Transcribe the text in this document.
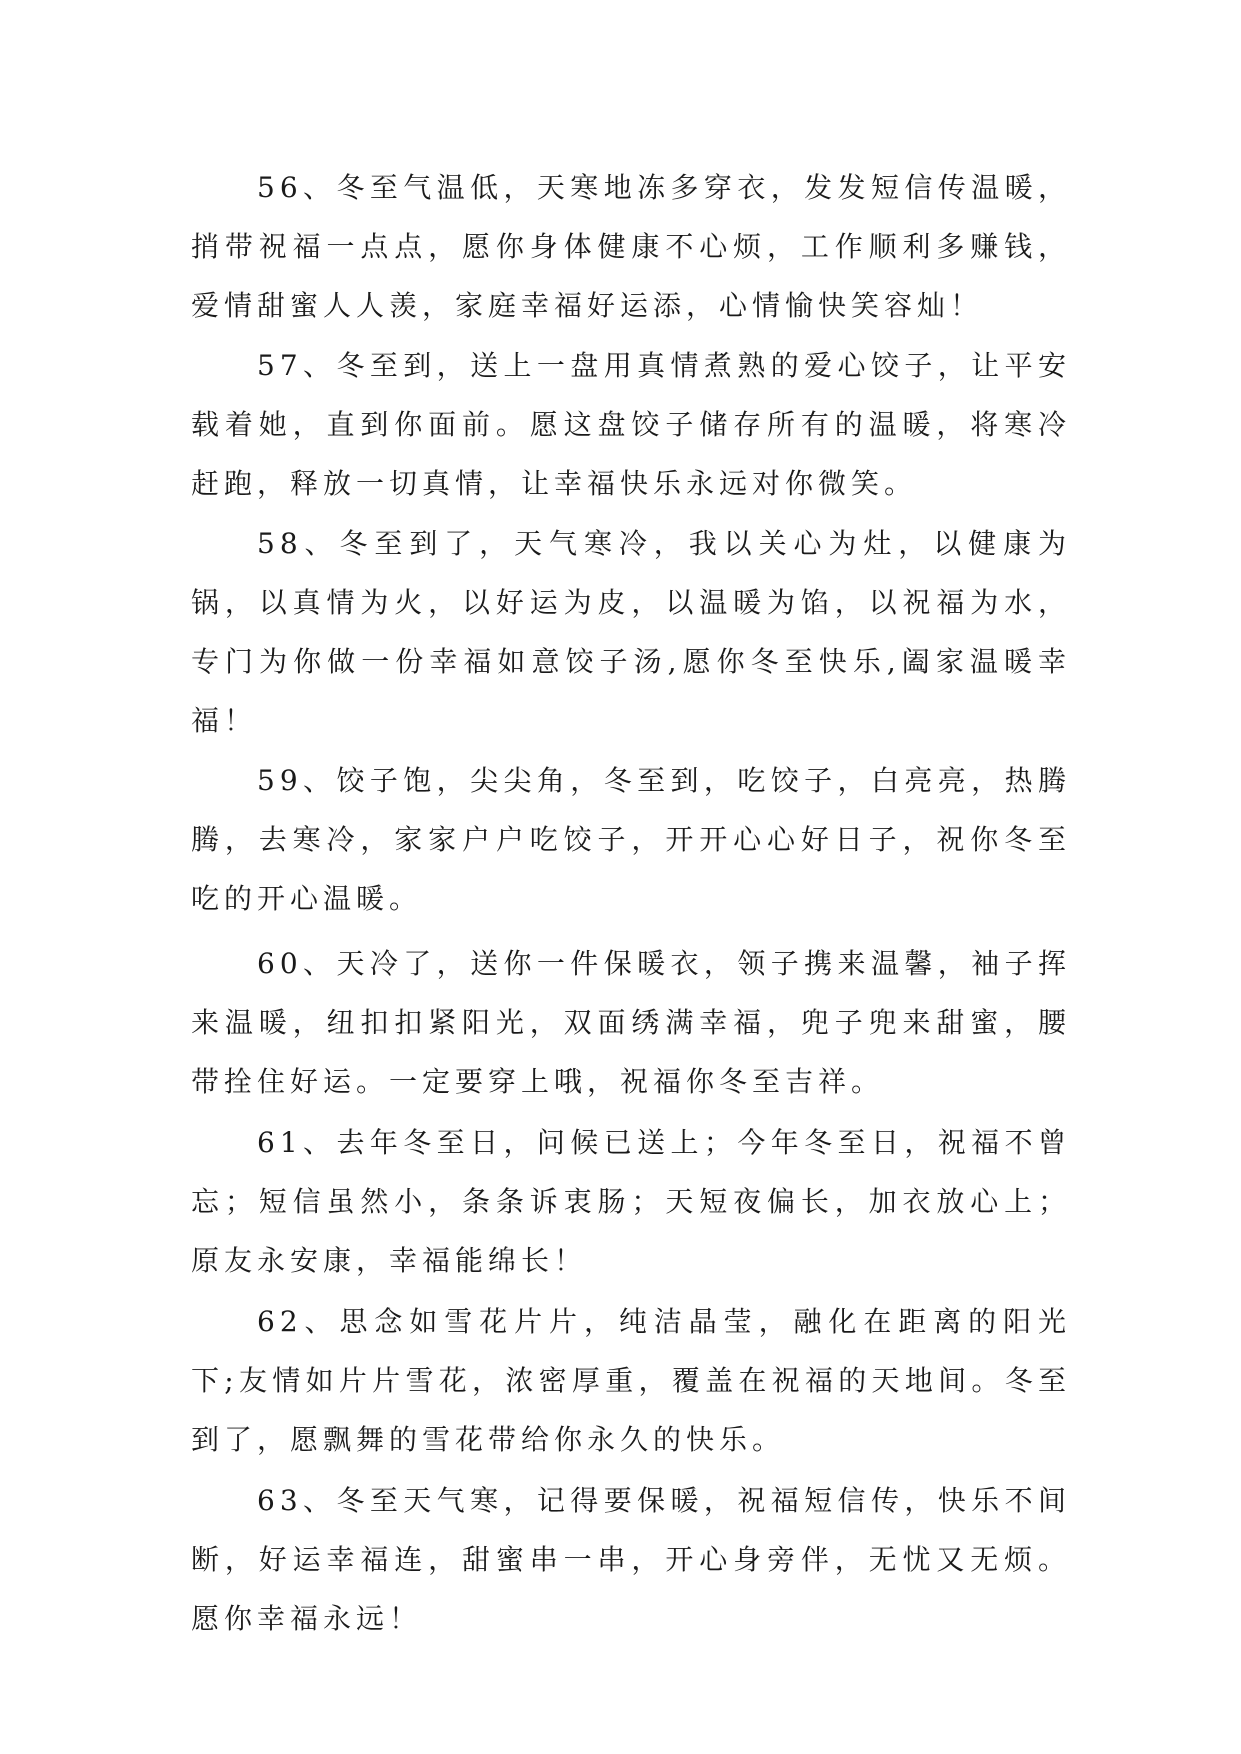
56、冬至气温低，天寒地冻多穿衣，发发短信传温暖，捎带祝福一点点，愿你身体健康不心烦，工作顺利多赚钱，爱情甜蜜人人羡，家庭幸福好运添，心情愉快笑容灿！

57、冬至到，送上一盘用真情煮熟的爱心饺子，让平安载着她，直到你面前。愿这盘饺子储存所有的温暖，将寒冷赶跑，释放一切真情，让幸福快乐永远对你微笑。

58、冬至到了，天气寒冷，我以关心为灶，以健康为锅，以真情为火，以好运为皮，以温暖为馅，以祝福为水，专门为你做一份幸福如意饺子汤,愿你冬至快乐,阖家温暖幸福！

59、饺子饱，尖尖角，冬至到，吃饺子，白亮亮，热腾腾，去寒冷，家家户户吃饺子，开开心心好日子，祝你冬至吃的开心温暖。

60、天冷了，送你一件保暖衣，领子携来温馨，袖子挥来温暖，纽扣扣紧阳光，双面绣满幸福，兜子兜来甜蜜，腰带拴住好运。一定要穿上哦，祝福你冬至吉祥。

61、去年冬至日，问候已送上；今年冬至日，祝福不曾忘；短信虽然小，条条诉衷肠；天短夜偏长，加衣放心上；原友永安康，幸福能绵长！

62、思念如雪花片片，纯洁晶莹，融化在距离的阳光下;友情如片片雪花，浓密厚重，覆盖在祝福的天地间。冬至到了，愿飘舞的雪花带给你永久的快乐。

63、冬至天气寒，记得要保暖，祝福短信传，快乐不间断，好运幸福连，甜蜜串一串，开心身旁伴，无忧又无烦。愿你幸福永远！
